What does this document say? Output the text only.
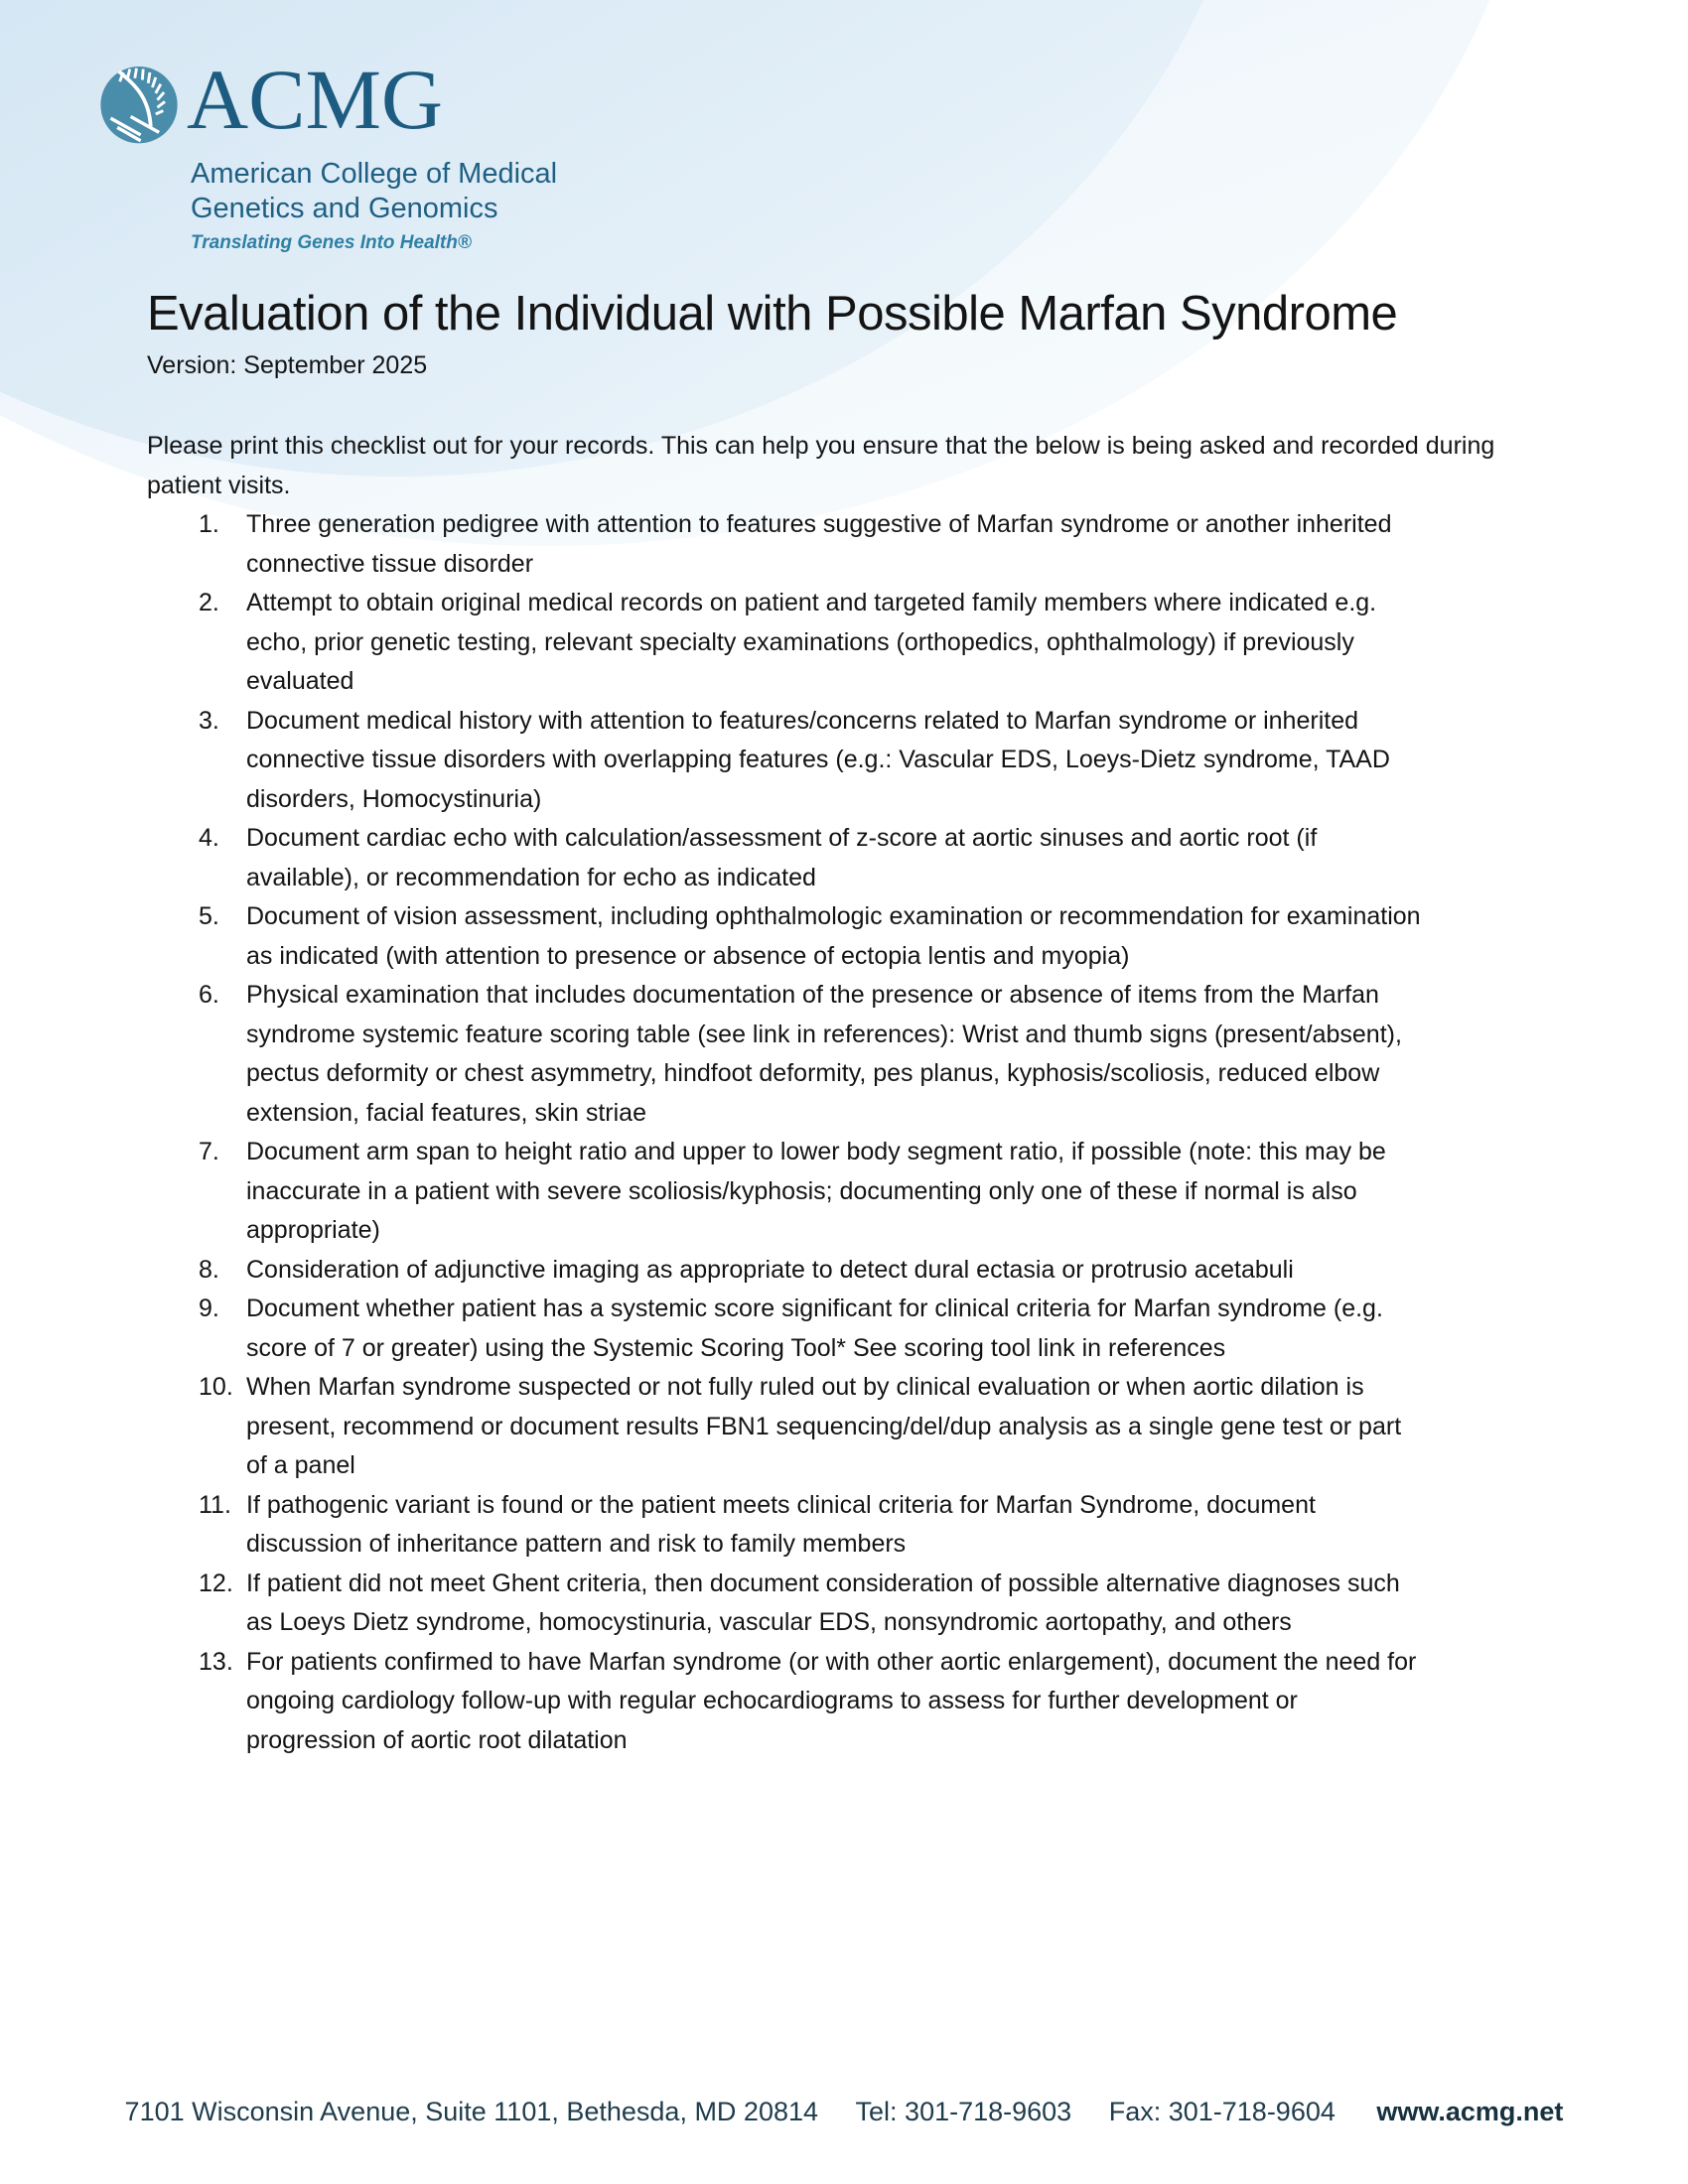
ACMG
American College of Medical
Genetics and Genomics
Translating Genes Into Health®
Evaluation of the Individual with Possible Marfan Syndrome
Version: September 2025

Please print this checklist out for your records. This can help you ensure that the below is being asked and recorded during patient visits.

Three generation pedigree with attention to features suggestive of Marfan syndrome or another inherited connective tissue disorder
Attempt to obtain original medical records on patient and targeted family members where indicated e.g. echo, prior genetic testing, relevant specialty examinations (orthopedics, ophthalmology) if previously evaluated
Document medical history with attention to features/concerns related to Marfan syndrome or inherited connective tissue disorders with overlapping features (e.g.: Vascular EDS, Loeys-Dietz syndrome, TAAD disorders, Homocystinuria)
Document cardiac echo with calculation/assessment of z-score at aortic sinuses and aortic root (if available), or recommendation for echo as indicated
Document of vision assessment, including ophthalmologic examination or recommendation for examination as indicated (with attention to presence or absence of ectopia lentis and myopia)
Physical examination that includes documentation of the presence or absence of items from the Marfan syndrome systemic feature scoring table (see link in references): Wrist and thumb signs (present/absent), pectus deformity or chest asymmetry, hindfoot deformity, pes planus, kyphosis/scoliosis, reduced elbow extension, facial features, skin striae
Document arm span to height ratio and upper to lower body segment ratio, if possible (note: this may be inaccurate in a patient with severe scoliosis/kyphosis; documenting only one of these if normal is also appropriate)
Consideration of adjunctive imaging as appropriate to detect dural ectasia or protrusio acetabuli
Document whether patient has a systemic score significant for clinical criteria for Marfan syndrome (e.g. score of 7 or greater) using the Systemic Scoring Tool* See scoring tool link in references
When Marfan syndrome suspected or not fully ruled out by clinical evaluation or when aortic dilation is present, recommend or document results FBN1 sequencing/del/dup analysis as a single gene test or part of a panel
If pathogenic variant is found or the patient meets clinical criteria for Marfan Syndrome, document discussion of inheritance pattern and risk to family members
If patient did not meet Ghent criteria, then document consideration of possible alternative diagnoses such as Loeys Dietz syndrome, homocystinuria, vascular EDS, nonsyndromic aortopathy, and others
For patients confirmed to have Marfan syndrome (or with other aortic enlargement), document the need for ongoing cardiology follow-up with regular echocardiograms to assess for further development or progression of aortic root dilatation
7101 Wisconsin Avenue, Suite 1101, Bethesda, MD 20814 Tel: 301-718-9603 Fax: 301-718-9604 www.acmg.net
